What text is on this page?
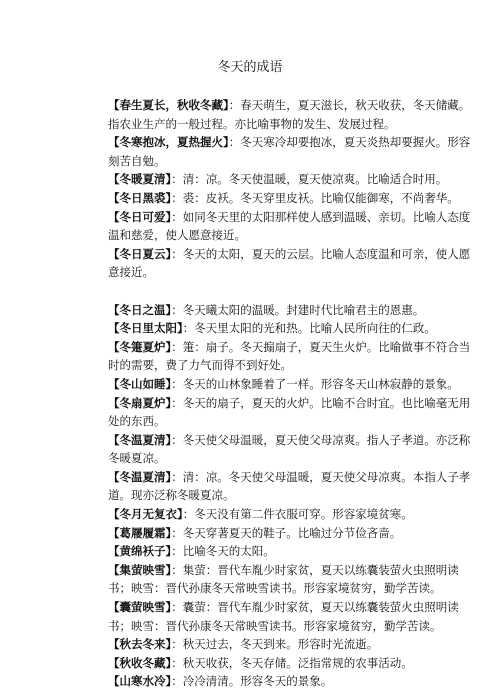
冬天的成语

【春生夏长，秋收冬藏】：春天萌生，夏天滋长，秋天收获，冬天储藏。指农业生产的一般过程。亦比喻事物的发生、发展过程。

【冬寒抱冰，夏热握火】：冬天寒冷却要抱冰，夏天炎热却要握火。形容刻苦自勉。

【冬暖夏清】：清：凉。冬天使温暖，夏天使凉爽。比喻适合时用。

【冬日黑裘】：裘：皮袄。冬天穿里皮袄。比喻仅能御寒，不尚奢华。

【冬日可爱】：如同冬天里的太阳那样使人感到温暖、亲切。比喻人态度温和慈爱，使人愿意接近。

【冬日夏云】：冬天的太阳，夏天的云层。比喻人态度温和可亲，使人愿意接近。

【冬日之温】：冬天曦太阳的温暖。封建时代比喻君主的恩惠。

【冬日里太阳】：冬天里太阳的光和热。比喻人民所向往的仁政。

【冬箑夏炉】：箑：扇子。冬天搧扇子，夏天生火炉。比喻做事不符合当时的需要，费了力气而得不到好处。

【冬山如睡】：冬天的山林象睡着了一样。形容冬天山林寂静的景象。

【冬扇夏炉】：冬天的扇子，夏天的火炉。比喻不合时宜。也比喻毫无用处的东西。

【冬温夏清】：冬天使父母温暖，夏天使父母凉爽。指人子孝道。亦泛称冬暖夏凉。

【冬温夏清】：清：凉。冬天使父母温暖，夏天使父母凉爽。本指人子孝道。现亦泛称冬暖夏凉。

【冬月无复衣】：冬天没有第二件衣服可穿。形容家境贫寒。

【葛屦履霜】：冬天穿著夏天的鞋子。比喻过分节俭吝啬。

【黄绵袄子】：比喻冬天的太阳。

【集萤映雪】：集萤：晋代车胤少时家贫，夏天以练囊装萤火虫照明读书；映雪：晋代孙康冬天常映雪读书。形容家境贫穷，勤学苦读。

【囊萤映雪】：囊萤：晋代车胤少时家贫，夏天以练囊装萤火虫照明读书；映雪：晋代孙康冬天常映雪读书。形容家境贫穷，勤学苦读。

【秋去冬来】：秋天过去，冬天到来。形容时光流逝。

【秋收冬藏】：秋天收获，冬天存储。泛指常规的农事活动。

【山寒水冷】：冷冷清清。形容冬天的景象。
